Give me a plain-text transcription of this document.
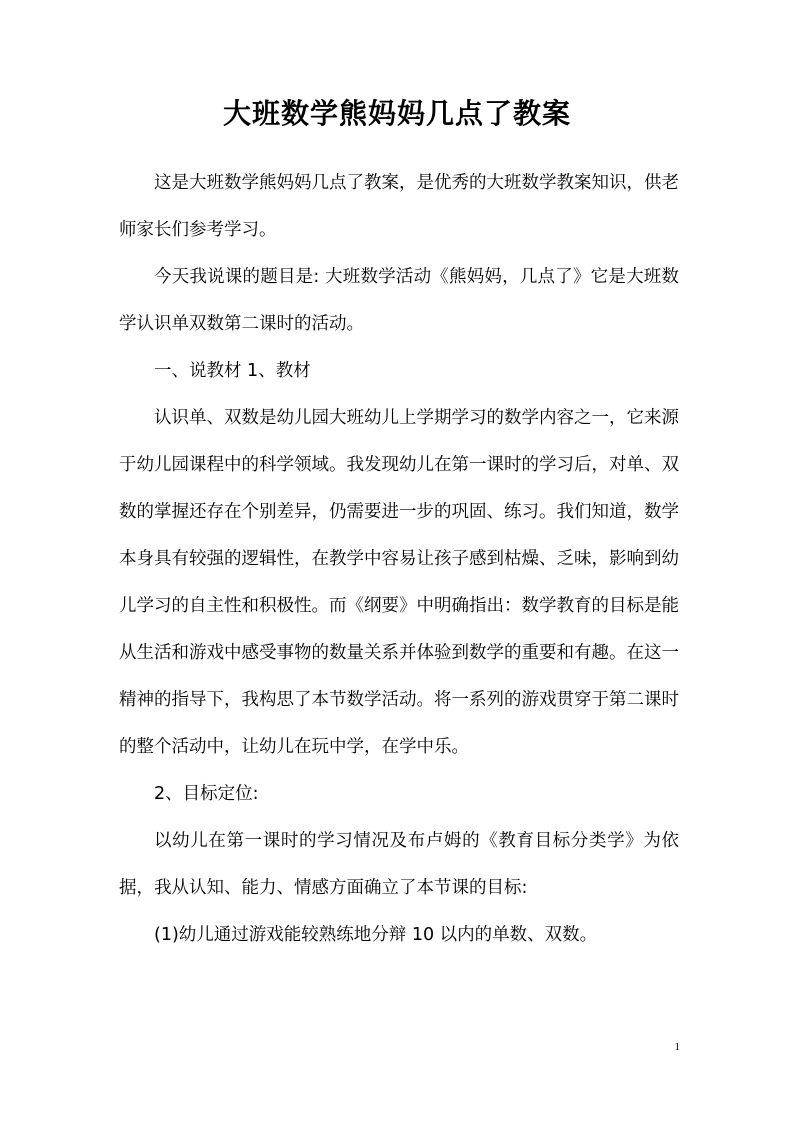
大班数学熊妈妈几点了教案

这是大班数学熊妈妈几点了教案，是优秀的大班数学教案知识，供老师家长们参考学习。

今天我说课的题目是: 大班数学活动《熊妈妈，几点了》它是大班数学认识单双数第二课时的活动。

一、说教材 1、教材

认识单、双数是幼儿园大班幼儿上学期学习的数学内容之一，它来源于幼儿园课程中的科学领域。我发现幼儿在第一课时的学习后，对单、双数的掌握还存在个别差异，仍需要进一步的巩固、练习。我们知道，数学本身具有较强的逻辑性，在教学中容易让孩子感到枯燥、乏味，影响到幼儿学习的自主性和积极性。而《纲要》中明确指出：数学教育的目标是能从生活和游戏中感受事物的数量关系并体验到数学的重要和有趣。在这一精神的指导下，我构思了本节数学活动。将一系列的游戏贯穿于第二课时的整个活动中，让幼儿在玩中学，在学中乐。

2、目标定位:

以幼儿在第一课时的学习情况及布卢姆的《教育目标分类学》为依据，我从认知、能力、情感方面确立了本节课的目标:

(1)幼儿通过游戏能较熟练地分辩 10 以内的单数、双数。

1
